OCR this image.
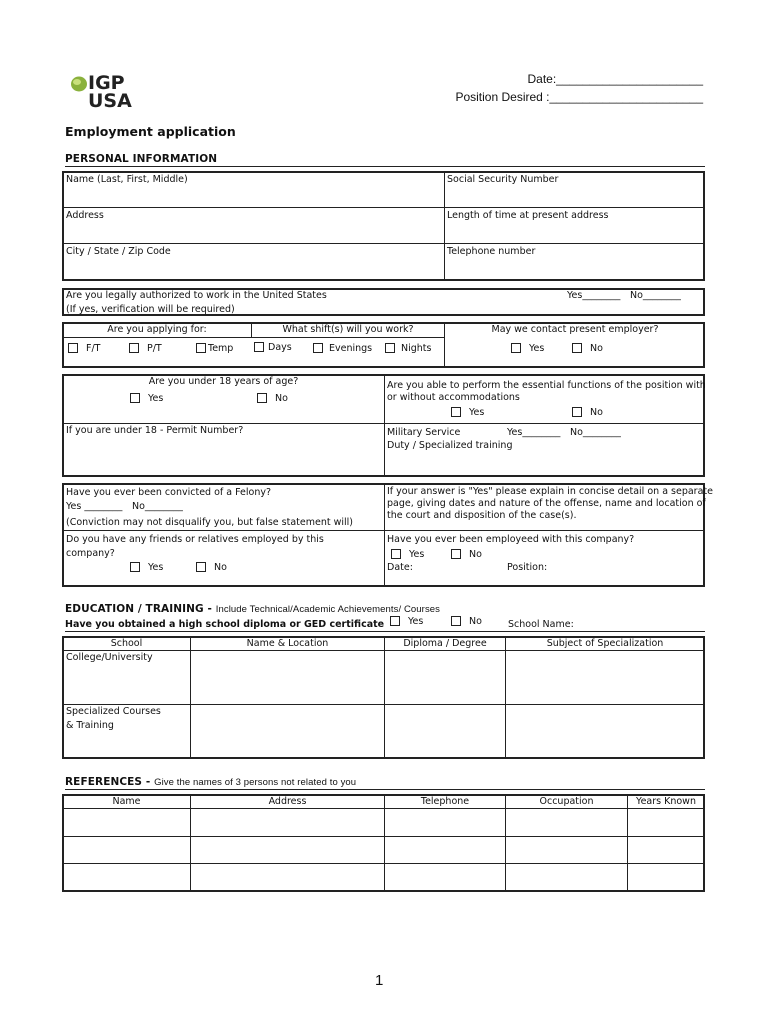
IGP
USA
Date:______________________
Position Desired :_______________________
Employment application
PERSONAL INFORMATION
Name (Last, First, Middle)	Social Security Number
Address	Length of time at present address
City / State / Zip Code	Telephone number
Are you legally authorized to work in the United States
(If yes, verification will be required)
Yes________ No________
Are you applying for:	What shift(s) will you work?	May we contact present employer?
F/T	P/T	Temp	Days	Evenings	Nights	Yes	No
Are you under 18 years of age?
Yes	No
Are you able to perform the essential functions of the position with
or without accommodations
Yes	No
If you are under 18 - Permit Number?	Military Service	Yes________ No________
Duty / Specialized training
Have you ever been convicted of a Felony?
Yes ________ No________
(Conviction may not disqualify you, but false statement will)
If your answer is "Yes" please explain in concise detail on a separate
page, giving dates and nature of the offense, name and location of
the court and disposition of the case(s).
Do you have any friends or relatives employed by this
company?
Yes	No
Have you ever been employeed with this company?
Yes	No
Date:	Position:
EDUCATION / TRAINING - Include Technical/Academic Achievements/ Courses
Have you obtained a high school diploma or GED certificate	Yes	No	School Name:
School	Name & Location	Diploma / Degree	Subject of Specialization
College/University
Specialized Courses
& Training
REFERENCES - Give the names of 3 persons not related to you
Name	Address	Telephone	Occupation	Years Known
1
